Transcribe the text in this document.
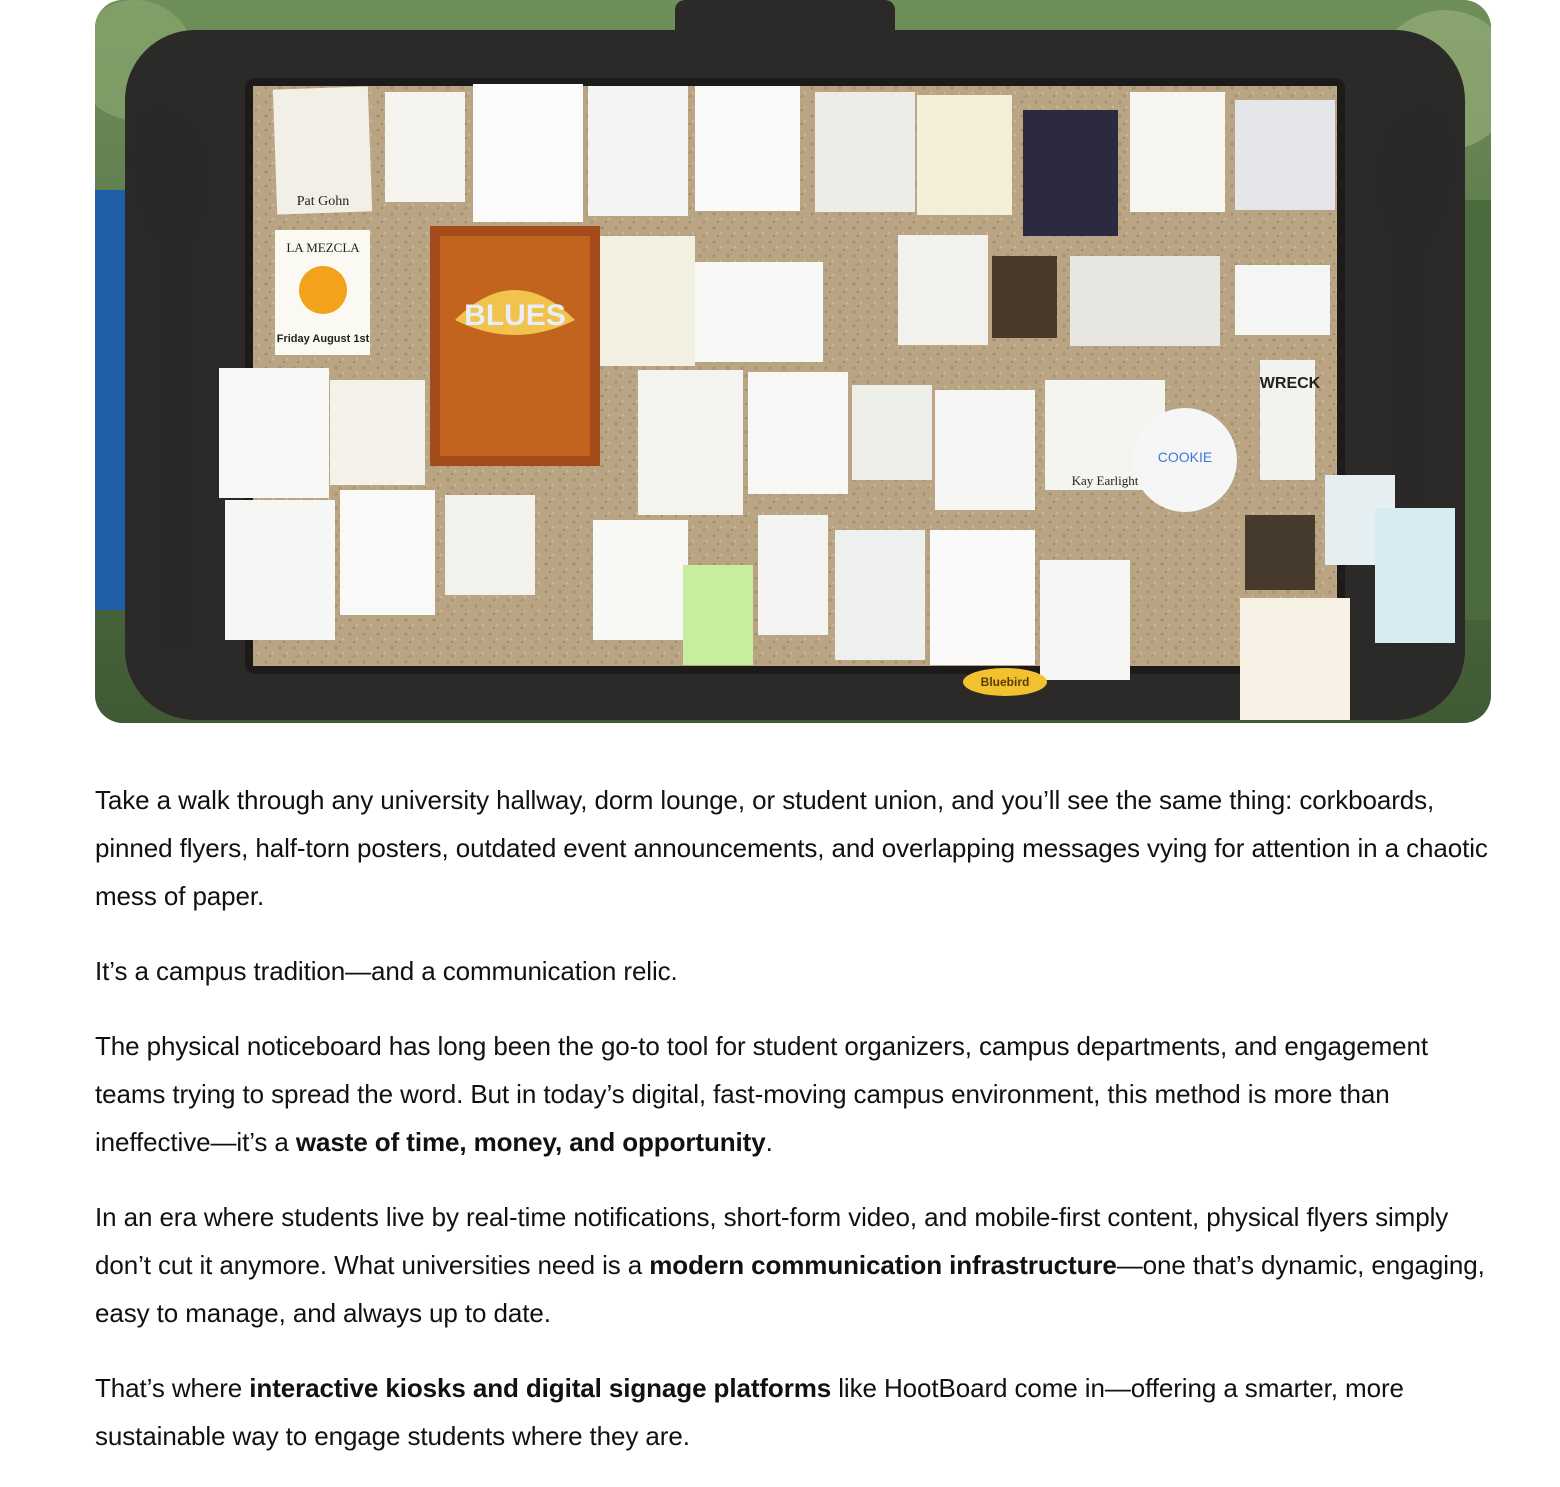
BLUES
WRECK
Pat Gohn
LA MEZCLA
Friday August 1st
Kay Earlight
COOKIE
Bluebird

Take a walk through any university hallway, dorm lounge, or student union, and you’ll see the same thing: corkboards, pinned flyers, half-torn posters, outdated event announcements, and overlapping messages vying for attention in a chaotic mess of paper.

It’s a campus tradition—and a communication relic.

The physical noticeboard has long been the go-to tool for student organizers, campus departments, and engagement teams trying to spread the word. But in today’s digital, fast-moving campus environment, this method is more than ineffective—it’s a waste of time, money, and opportunity.

In an era where students live by real-time notifications, short-form video, and mobile-first content, physical flyers simply don’t cut it anymore. What universities need is a modern communication infrastructure—one that’s dynamic, engaging, easy to manage, and always up to date.

That’s where interactive kiosks and digital signage platforms like HootBoard come in—offering a smarter, more sustainable way to engage students where they are.
